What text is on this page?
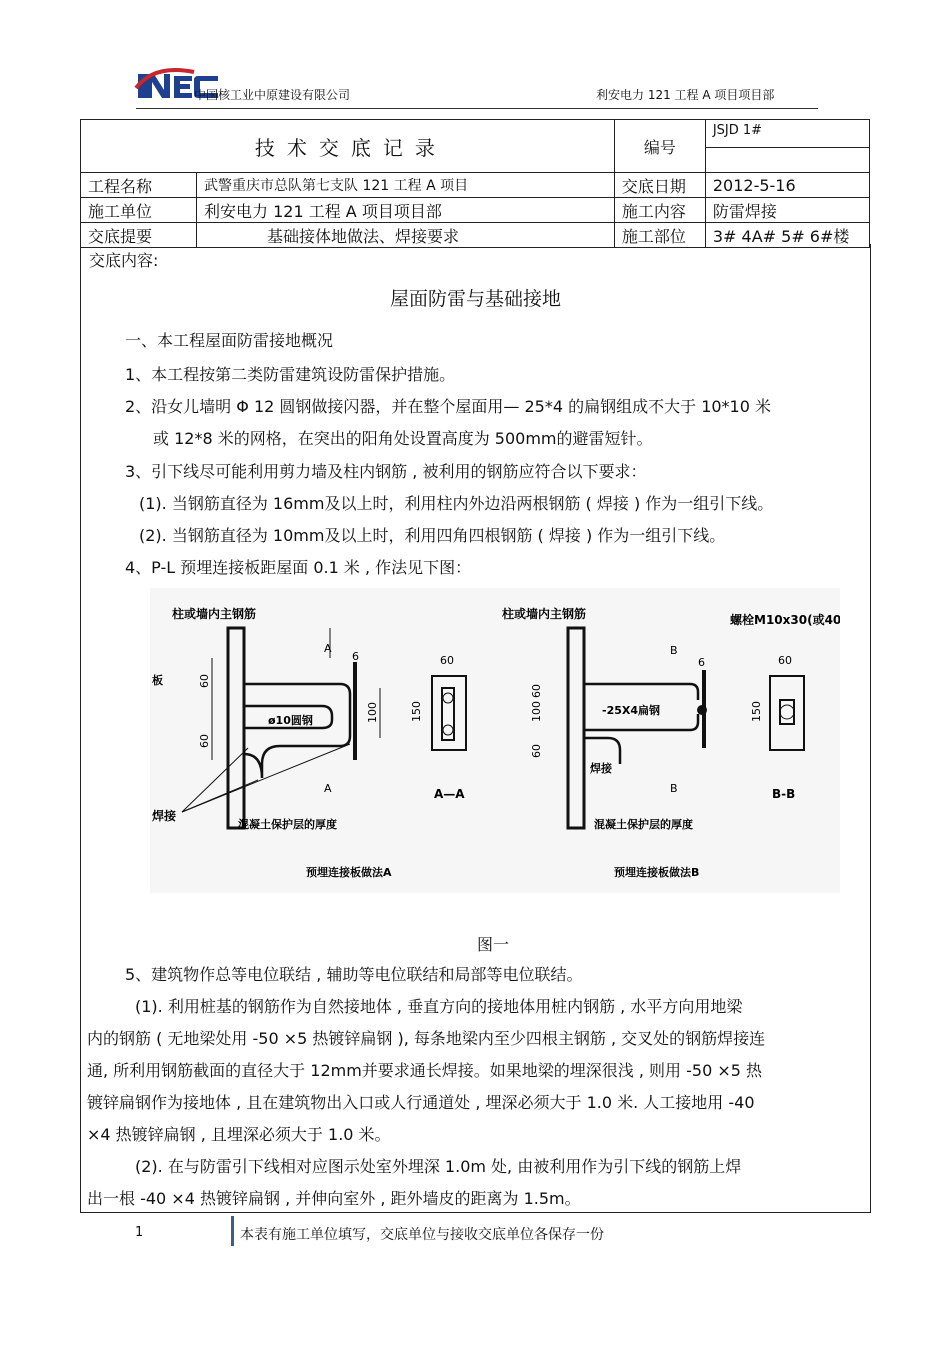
中国核工业中原建设有限公司	利安电力 121 工程 A 项目项目部
技术交底记录		编号	JSJD 1#

工程名称	武警重庆市总队第七支队 121 工程 A 项目	交底日期	2012-5-16
施工单位	利安电力 121 工程 A 项目项目部	施工内容	防雷焊接
交底提要	基础接体地做法、焊接要求	施工部位	3# 4A# 5# 6#楼
交底内容:
屋面防雷与基础接地
一、本工程屋面防雷接地概况
1、本工程按第二类防雷建筑设防雷保护措施。
2、沿女儿墙明 Φ 12 圆钢做接闪器，并在整个屋面用— 25*4 的扁钢组成不大于 10*10 米
或 12*8 米的网格，在突出的阳角处设置高度为 500mm的避雷短针。
3、引下线尽可能利用剪力墙及柱内钢筋 , 被利用的钢筋应符合以下要求：
(1). 当钢筋直径为 16mm及以上时，利用柱内外边沿两根钢筋 ( 焊接 ) 作为一组引下线。
(2). 当钢筋直径为 10mm及以上时，利用四角四根钢筋 ( 焊接 ) 作为一组引下线。
4、P-L 预埋连接板距屋面 0.1 米 , 作法见下图：
图一
5、建筑物作总等电位联结 , 辅助等电位联结和局部等电位联结。
(1). 利用桩基的钢筋作为自然接地体 , 垂直方向的接地体用桩内钢筋 , 水平方向用地梁
内的钢筋 ( 无地梁处用 -50 ×5 热镀锌扁钢 ), 每条地梁内至少四根主钢筋 , 交叉处的钢筋焊接连
通, 所利用钢筋截面的直径大于 12mm并要求通长焊接。如果地梁的埋深很浅 , 则用 -50 ×5 热
镀锌扁钢作为接地体 , 且在建筑物出入口或人行通道处 , 埋深必须大于 1.0 米. 人工接地用 -40
×4 热镀锌扁钢 , 且埋深必须大于 1.0 米。
(2). 在与防雷引下线相对应图示处室外埋深 1.0m 处, 由被利用作为引下线的钢筋上焊
出一根 -40 ×4 热镀锌扁钢 , 并伸向室外 , 距外墙皮的距离为 1.5m。
板
柱或墙内主钢筋
ø10圆钢
60
60
6
100
A
A
混凝土保护层的厚度
焊接
预埋连接板做法A
60
150
A—A
柱或墙内主钢筋	螺栓M10x30(或40)
-25X4扁钢
60
100
60
6
B
B
焊接
混凝土保护层的厚度
预埋连接板做法B
60
150
B-B
1	本表有施工单位填写，交底单位与接收交底单位各保存一份
